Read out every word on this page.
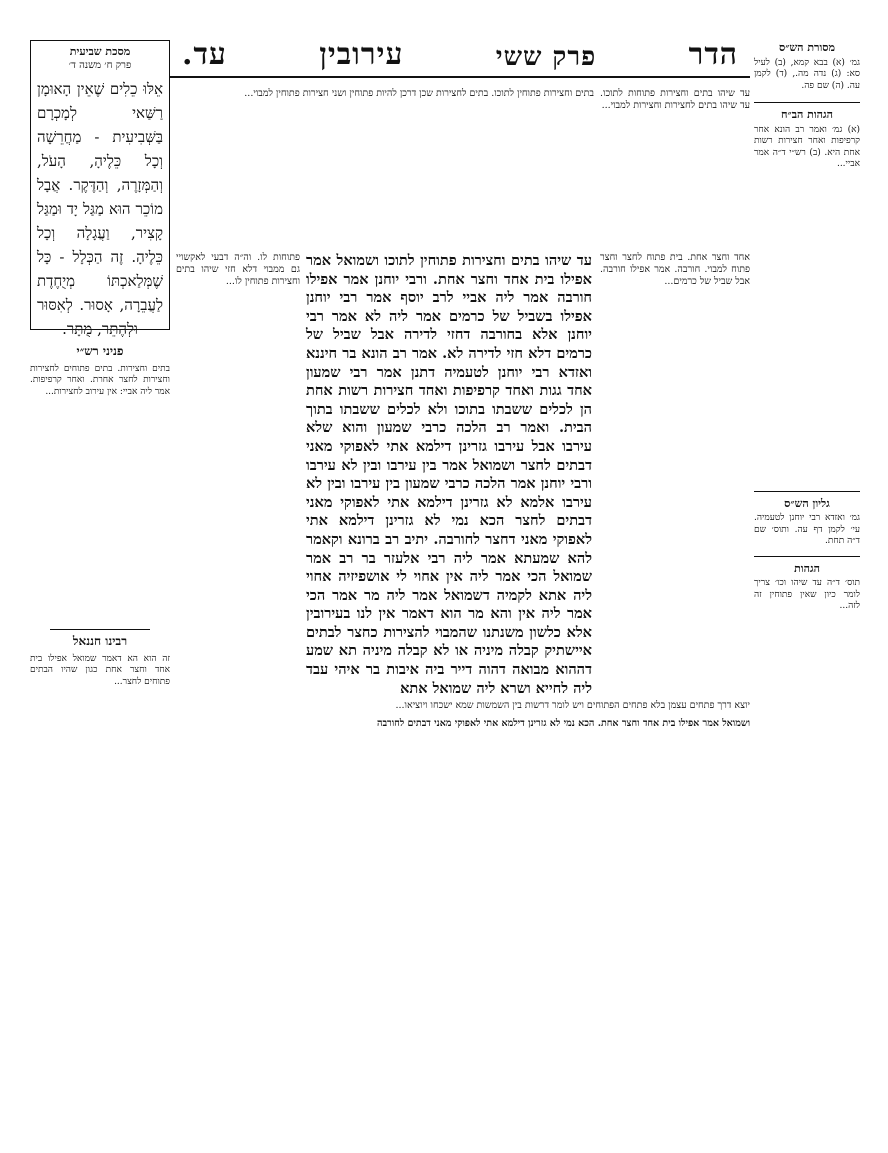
הדר
פרק ששי
עירובין
עד.	מסורת הש״ס
גמ׳ (א) בבא קמא, (ב) לעיל סא: (ג) נדה מה., (ד) לקמן עה. (ה) שם פה.
הגהות הב״ח
(א) גמ׳ ואמר רב הונא אחר קרפיפות ואחר חצירות רשות אחת היא. (ב) רש״י ד״ה אמר אביי...
גליון הש״ס
גמ׳ ואזדא רבי יוחנן לטעמיה. עי׳ לקמן דף עה. ותוס׳ שם ד״ה תחת.
הגהות
תוס׳ ד״ה עד שיהו וכו׳ צריך לומר כיון שאין פתוחין זה לזה...
מסכת שביעית
פרק ח׳ משנה ד׳
אֵלּוּ כֵלִים שֶׁאֵין הָאוּמָן רַשַּׁאי לְמָכְרָם בַּשְּׁבִיעִית - מַחֲרֵשָׁה וְכָל כֵּלֶיהָ, הָעֹל, וְהַמְּזָרֶה, וְהַדֶּקֶר. אֲבָל מוֹכֵר הוּא מַגַּל יָד וּמַגַּל קָצִיר, וַעֲגָלָה וְכָל כֵּלֶיהָ. זֶה הַכְּלָל - כָּל שֶׁמְּלַאכְתּוֹ מְיֻחֶדֶת לַעֲבֵרָה, אָסוּר. לְאִסּוּר וּלְהֶתֵּר, מֻתָּר.
פניני רש״י
בתים וחצירות. בתים פתוחים לחצירות וחצירות לחצר אחרת. ואחר קרפיפות. אמר ליה אביי: אין עירוב לחצירות...
רבינו חננאל
זה הוא הא דאמר שמואל אפילו בית אחד וחצר אחת כגון שהיו הבתים פתוחים לחצר...
בתים וחצירות פתוחין לתוכו. בתים לחצירות שכן דרכן להיות פתוחין ושני חצירות פתוחין למבוי... עד שיהו בתים וחצירות פתוחות לתוכו. עד שיהו בתים לחצירות וחצירות למבוי...
פתוחות לו. וה״ה דבעי לאקשויי גם ממבוי דלא חזי שיהו בתים וחצירות פתוחין לו...
אחד וחצר אחת. בית פתוח לחצר וחצר פתוח למבוי. חורבה. אמר אפילו חורבה. אבל שביל של כרמים...
עד שיהו בתים וחצירות פתוחין לתוכו ושמואל אמר אפילו בית אחד וחצר אחת. ורבי יוחנן אמר אפילו חורבה אמר ליה אביי לרב יוסף אמר רבי יוחנן אפילו בשביל של כרמים אמר ליה לא אמר רבי יוחנן אלא בחורבה דחזי לדירה אבל שביל של כרמים דלא חזי לדירה לא. אמר רב הונא בר חיננא ואזדא רבי יוחנן לטעמיה דתנן אמר רבי שמעון אחד גגות ואחד קרפיפות ואחד חצירות רשות אחת הן לכלים ששבתו בתוכו ולא לכלים ששבתו בתוך הבית. ואמר רב הלכה כרבי שמעון והוא שלא עירבו אבל עירבו גזרינן דילמא אתי לאפוקי מאני דבתים לחצר ושמואל אמר בין עירבו ובין לא עירבו ורבי יוחנן אמר הלכה כרבי שמעון בין עירבו ובין לא עירבו אלמא לא גזרינן דילמא אתי לאפוקי מאני דבתים לחצר הכא נמי לא גזרינן דילמא אתי לאפוקי מאני דחצר לחורבה. יתיב רב ברונא וקאמר להא שמעתא אמר ליה רבי אלעזר בר רב אמר שמואל הכי אמר ליה אין אחוי לי אושפיזיה אחוי ליה אתא לקמיה דשמואל אמר ליה מר אמר הכי אמר ליה אין והא מר הוא דאמר אין לנו בעירובין אלא כלשון משנתנו שהמבוי להצירות כחצר לבתים איישתיק קבלה מיניה או לא קבלה מיניה תא שמע דההוא מבואה דהוה דייר ביה איבות בר איהי עבד ליה לחייא ושרא ליה שמואל אתא
יוצא דרך פתחים עצמן בלא פתחים הפתוחים ויש לומר דרשות בין השמשות שמא ישכחו ויוציאו...
ושמואל אמר אפילו בית אחד וחצר אחת. הכא נמי לא גזרינן דילמא אתי לאפוקי מאני דבתים לחורבה
